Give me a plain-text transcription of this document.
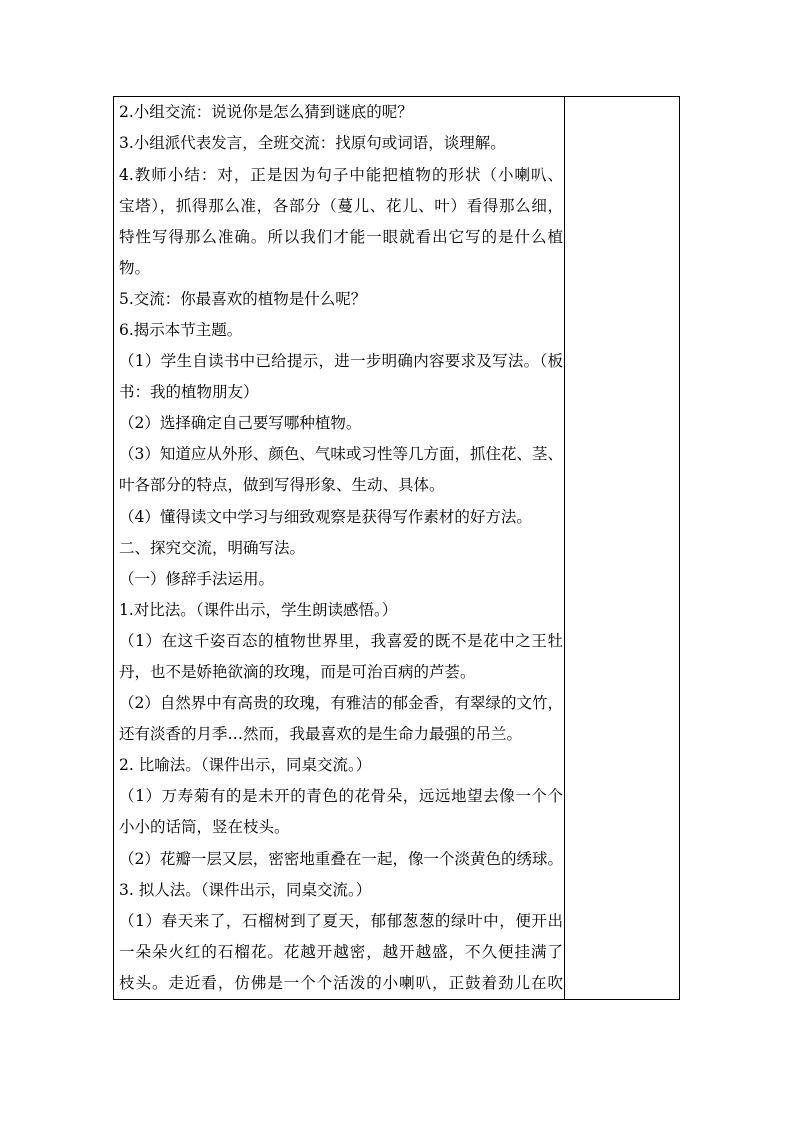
2.小组交流：说说你是怎么猜到谜底的呢？
3.小组派代表发言，全班交流：找原句或词语，谈理解。
4.教师小结：对，正是因为句子中能把植物的形状（小喇叭、
宝塔），抓得那么准，各部分（蔓儿、花儿、叶）看得那么细，
特性写得那么准确。所以我们才能一眼就看出它写的是什么植
物。
5.交流：你最喜欢的植物是什么呢？
6.揭示本节主题。
（1）学生自读书中已给提示，进一步明确内容要求及写法。（板
书：我的植物朋友）
（2）选择确定自己要写哪种植物。
（3）知道应从外形、颜色、气味或习性等几方面，抓住花、茎、
叶各部分的特点，做到写得形象、生动、具体。
（4）懂得读文中学习与细致观察是获得写作素材的好方法。
二、探究交流，明确写法。
（一）修辞手法运用。
1.对比法。（课件出示，学生朗读感悟。）
（1）在这千姿百态的植物世界里，我喜爱的既不是花中之王牡
丹，也不是娇艳欲滴的玫瑰，而是可治百病的芦荟。
（2）自然界中有高贵的玫瑰，有雅洁的郁金香，有翠绿的文竹，
还有淡香的月季…然而，我最喜欢的是生命力最强的吊兰。
2. 比喻法。（课件出示，同桌交流。）
（1）万寿菊有的是未开的青色的花骨朵，远远地望去像一个个
小小的话筒，竖在枝头。
（2）花瓣一层又层，密密地重叠在一起，像一个淡黄色的绣球。
3. 拟人法。（课件出示，同桌交流。）
（1）春天来了，石榴树到了夏天，郁郁葱葱的绿叶中，便开出
一朵朵火红的石榴花。花越开越密，越开越盛，不久便挂满了
枝头。走近看，仿佛是一个个活泼的小喇叭，正鼓着劲儿在吹
